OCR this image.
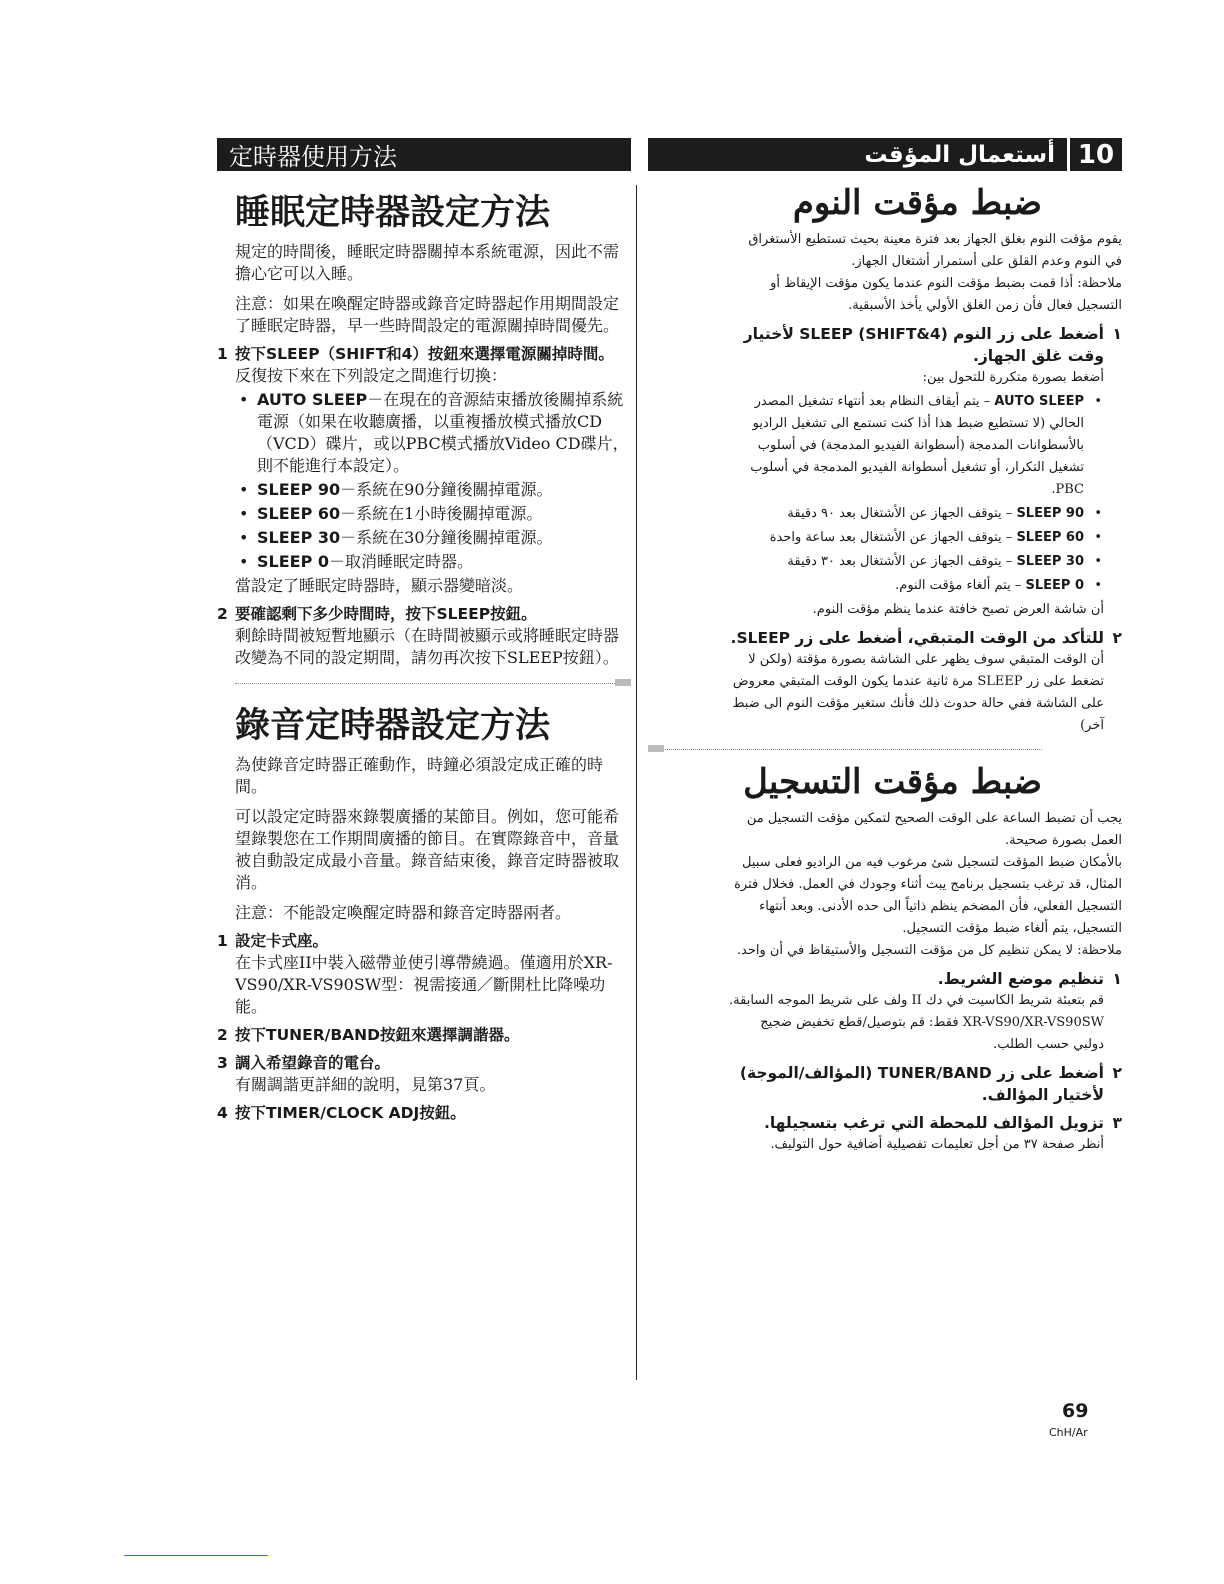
定時器使用方法
睡眠定時器設定方法

規定的時間後，睡眠定時器關掉本系統電源，因此不需擔心它可以入睡。

注意：如果在喚醒定時器或錄音定時器起作用期間設定了睡眠定時器，早一些時間設定的電源關掉時間優先。

1 按下SLEEP（SHIFT和4）按鈕來選擇電源關掉時間。

反復按下來在下列設定之間進行切換：

• AUTO SLEEP－在現在的音源結束播放後關掉系統電源（如果在收聽廣播，以重複播放模式播放CD（VCD）碟片，或以PBC模式播放Video CD碟片，則不能進行本設定）。
• SLEEP 90－系統在90分鐘後關掉電源。
• SLEEP 60－系統在1小時後關掉電源。
• SLEEP 30－系統在30分鐘後關掉電源。
• SLEEP 0－取消睡眠定時器。

當設定了睡眠定時器時，顯示器變暗淡。

2 要確認剩下多少時間時，按下SLEEP按鈕。

剩餘時間被短暫地顯示（在時間被顯示或將睡眠定時器改變為不同的設定期間，請勿再次按下SLEEP按鈕）。

錄音定時器設定方法

為使錄音定時器正確動作，時鐘必須設定成正確的時間。

可以設定定時器來錄製廣播的某節目。例如，您可能希望錄製您在工作期間廣播的節目。在實際錄音中，音量被自動設定成最小音量。錄音結束後，錄音定時器被取消。

注意：不能設定喚醒定時器和錄音定時器兩者。

1 設定卡式座。

在卡式座II中裝入磁帶並使引導帶繞過。僅適用於XR-VS90/XR-VS90SW型：視需接通／斷開杜比降噪功能。

2 按下TUNER/BAND按鈕來選擇調諧器。
3 調入希望錄音的電台。

有關調諧更詳細的說明，見第37頁。

4 按下TIMER/CLOCK ADJ按鈕。
10
أستعمال المؤقت
ضبط مؤقت النوم

يقوم مؤقت النوم بغلق الجهاز بعد فترة معينة بحيث تستطيع الأستغراق في النوم وعدم القلق على أستمرار أشتغال الجهاز.

ملاحظة: أذا قمت بضبط مؤقت النوم عندما يكون مؤقت الإيقاظ أو التسجيل فعال فأن زمن الغلق الأولي يأخذ الأسبقية.

١
أضغط على زر النوم (SHIFT&4) SLEEP لأختيار وقت غلق الجهاز.

أضغط بصورة متكررة للتحول بين:

• AUTO SLEEP – يتم أيقاف النظام بعد أنتهاء تشغيل المصدر الحالي (لا تستطيع ضبط هذا أذا كنت تستمع الى تشغيل الراديو بالأسطوانات المدمجة (أسطوانة الفيديو المدمجة) في أسلوب تشغيل التكرار، أو تشغيل أسطوانة الفيديو المدمجة في أسلوب PBC.
• SLEEP 90 – يتوقف الجهاز عن الأشتغال بعد ٩٠ دقيقة
• SLEEP 60 – يتوقف الجهاز عن الأشتغال بعد ساعة واحدة
• SLEEP 30 – يتوقف الجهاز عن الأشتغال بعد ٣٠ دقيقة
• SLEEP 0 – يتم ألغاء مؤقت النوم.

أن شاشة العرض تصبح خافتة عندما ينظم مؤقت النوم.

٢
للتأكد من الوقت المتبقي، أضغط على زر SLEEP.

أن الوقت المتبقي سوف يظهر على الشاشة بصورة مؤقتة (ولكن لا تضغط على زر SLEEP مرة ثانية عندما يكون الوقت المتبقي معروض على الشاشة ففي حالة حدوث ذلك فأنك ستغير مؤقت النوم الى ضبط آخر)

ضبط مؤقت التسجيل

يجب أن تضبط الساعة على الوقت الصحيح لتمكين مؤقت التسجيل من العمل بصورة صحيحة.

بالأمكان ضبط المؤقت لتسجيل شئ مرغوب فيه من الراديو فعلى سبيل المثال، قد ترغب بتسجيل برنامج يبث أثناء وجودك في العمل. فخلال فترة التسجيل الفعلي، فأن المضخم ينظم ذاتياً الى حده الأدنى. وبعد أنتهاء التسجيل، يتم ألغاء ضبط مؤقت التسجيل.

ملاحظة: لا يمكن تنظيم كل من مؤقت التسجيل والأستيقاظ في أن واحد.

١
تنظيم موضع الشريط.

قم بتعبئة شريط الكاسيت في دك II ولف على شريط الموجه السابقة. XR-VS90/XR-VS90SW فقط: قم بتوصيل/قطع تخفيض ضجيج دولبي حسب الطلب.

٢
أضغط على زر TUNER/BAND (المؤالف/الموجة) لأختيار المؤالف.
٣
تزويل المؤالف للمحطة التي ترغب بتسجيلها.

أنظر صفحة ٣٧ من أجل تعليمات تفصيلية أضافية حول التوليف.

69
ChH/Ar
